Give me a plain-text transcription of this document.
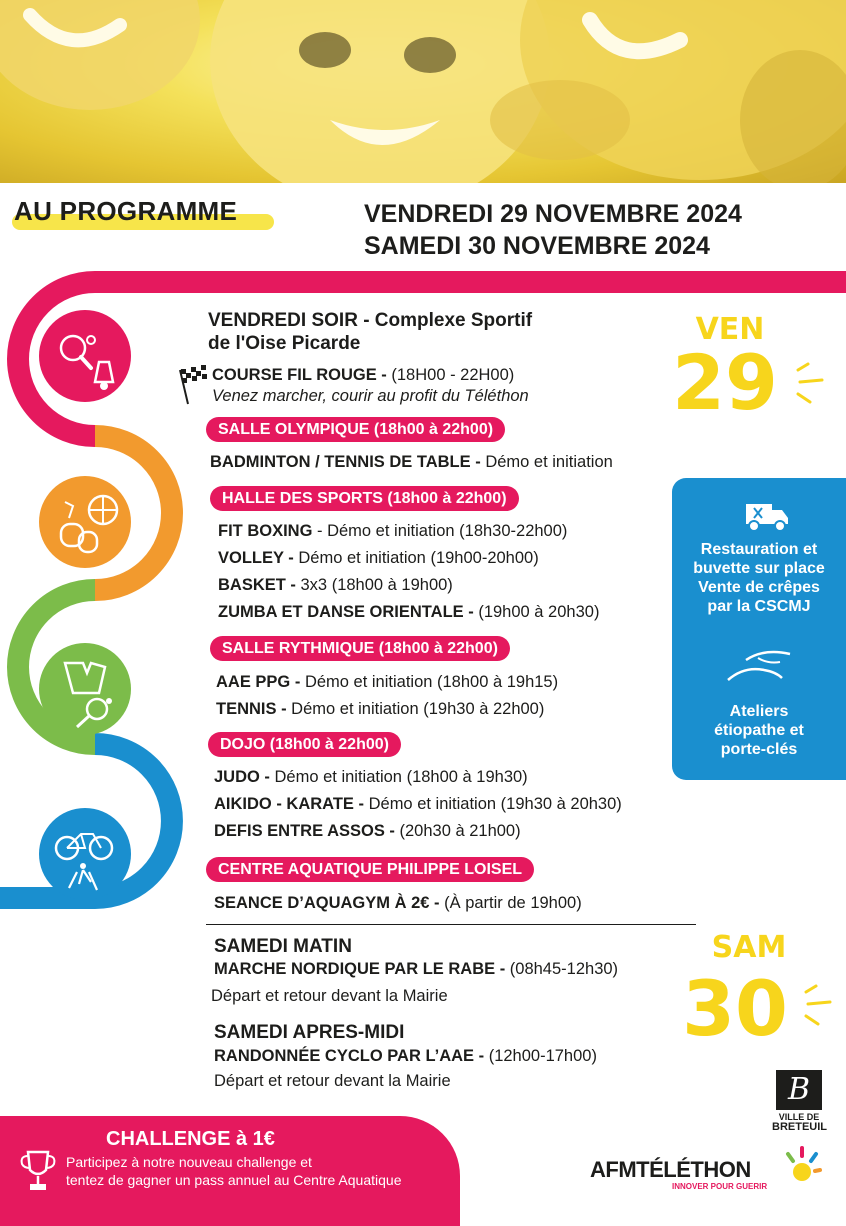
AU PROGRAMME	VENDREDI 29 NOVEMBRE 2024
SAMEDI 30 NOVEMBRE 2024
VENDREDI SOIR - Complexe Sportif
de l'Oise Picarde
COURSE FIL ROUGE - (18H00 - 22H00)
Venez marcher, courir au profit du Téléthon
SALLE OLYMPIQUE (18h00 à 22h00)
BADMINTON / TENNIS DE TABLE - Démo et initiation
HALLE DES SPORTS (18h00 à 22h00)
FIT BOXING - Démo et initiation (18h30-22h00)
VOLLEY - Démo et initiation (19h00-20h00)
BASKET - 3x3 (18h00 à 19h00)
ZUMBA ET DANSE ORIENTALE - (19h00 à 20h30)
SALLE RYTHMIQUE (18h00 à 22h00)
AAE PPG - Démo et initiation (18h00 à 19h15)
TENNIS - Démo et initiation (19h30 à 22h00)
DOJO (18h00 à 22h00)
JUDO - Démo et initiation (18h00 à 19h30)
AIKIDO - KARATE - Démo et initiation (19h30 à 20h30)
DEFIS ENTRE ASSOS - (20h30 à 21h00)
CENTRE AQUATIQUE PHILIPPE LOISEL
SEANCE D’AQUAGYM À 2€ - (À partir de 19h00)
VEN
29
Restauration et
buvette sur place
Vente de crêpes
par la CSCMJ
Ateliers
étiopathe et
porte-clés
SAMEDI MATIN
MARCHE NORDIQUE PAR LE RABE - (08h45-12h30)
Départ et retour devant la Mairie
SAMEDI APRES-MIDI
RANDONNÉE CYCLO PAR L’AAE - (12h00-17h00)
Départ et retour devant la Mairie
SAM
30
CHALLENGE à 1€
Participez à notre nouveau challenge et
tentez de gagner un pass annuel au Centre Aquatique
B
VILLE DE
BRETEUIL
AFMTÉLÉTHON
INNOVER POUR GUERIR
